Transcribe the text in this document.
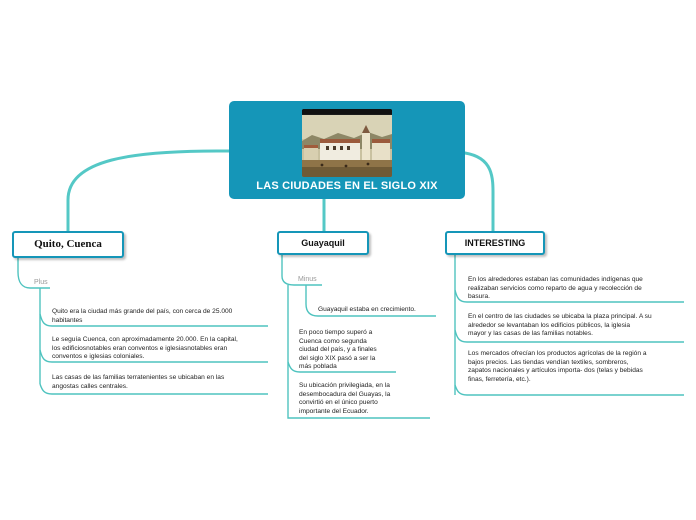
LAS CIUDADES EN EL SIGLO XIX
Quito, Cuenca	Guayaquil	INTERESTING
Plus
Quito era la ciudad más grande del país, con cerca de 25.000
habitantes
Le seguía Cuenca, con aproximadamente 20.000. En la capital,
los edificiosnotables eran conventos e iglesiasnotables eran
conventos e iglesias coloniales.
Las casas de las familias terratenientes se ubicaban en las
angostas calles centrales.
Minus
Guayaquil estaba en crecimiento.
En poco tiempo superó a
Cuenca como segunda
ciudad del país, y a finales
del siglo XIX pasó a ser la
más poblada
Su ubicación privilegiada, en la
desembocadura del Guayas, la
convirtió en el único puerto
importante del Ecuador.
En los alrededores estaban las comunidades indígenas que
realizaban servicios como reparto de agua y recolección de
basura.
En el centro de las ciudades se ubicaba la plaza principal. A su
alrededor se levantaban los edificios públicos, la iglesia
mayor y las casas de las familias notables.
Los mercados ofrecían los productos agrícolas de la región a
bajos precios. Las tiendas vendían textiles, sombreros,
zapatos nacionales y artículos importa- dos (telas y bebidas
finas, ferretería, etc.).
